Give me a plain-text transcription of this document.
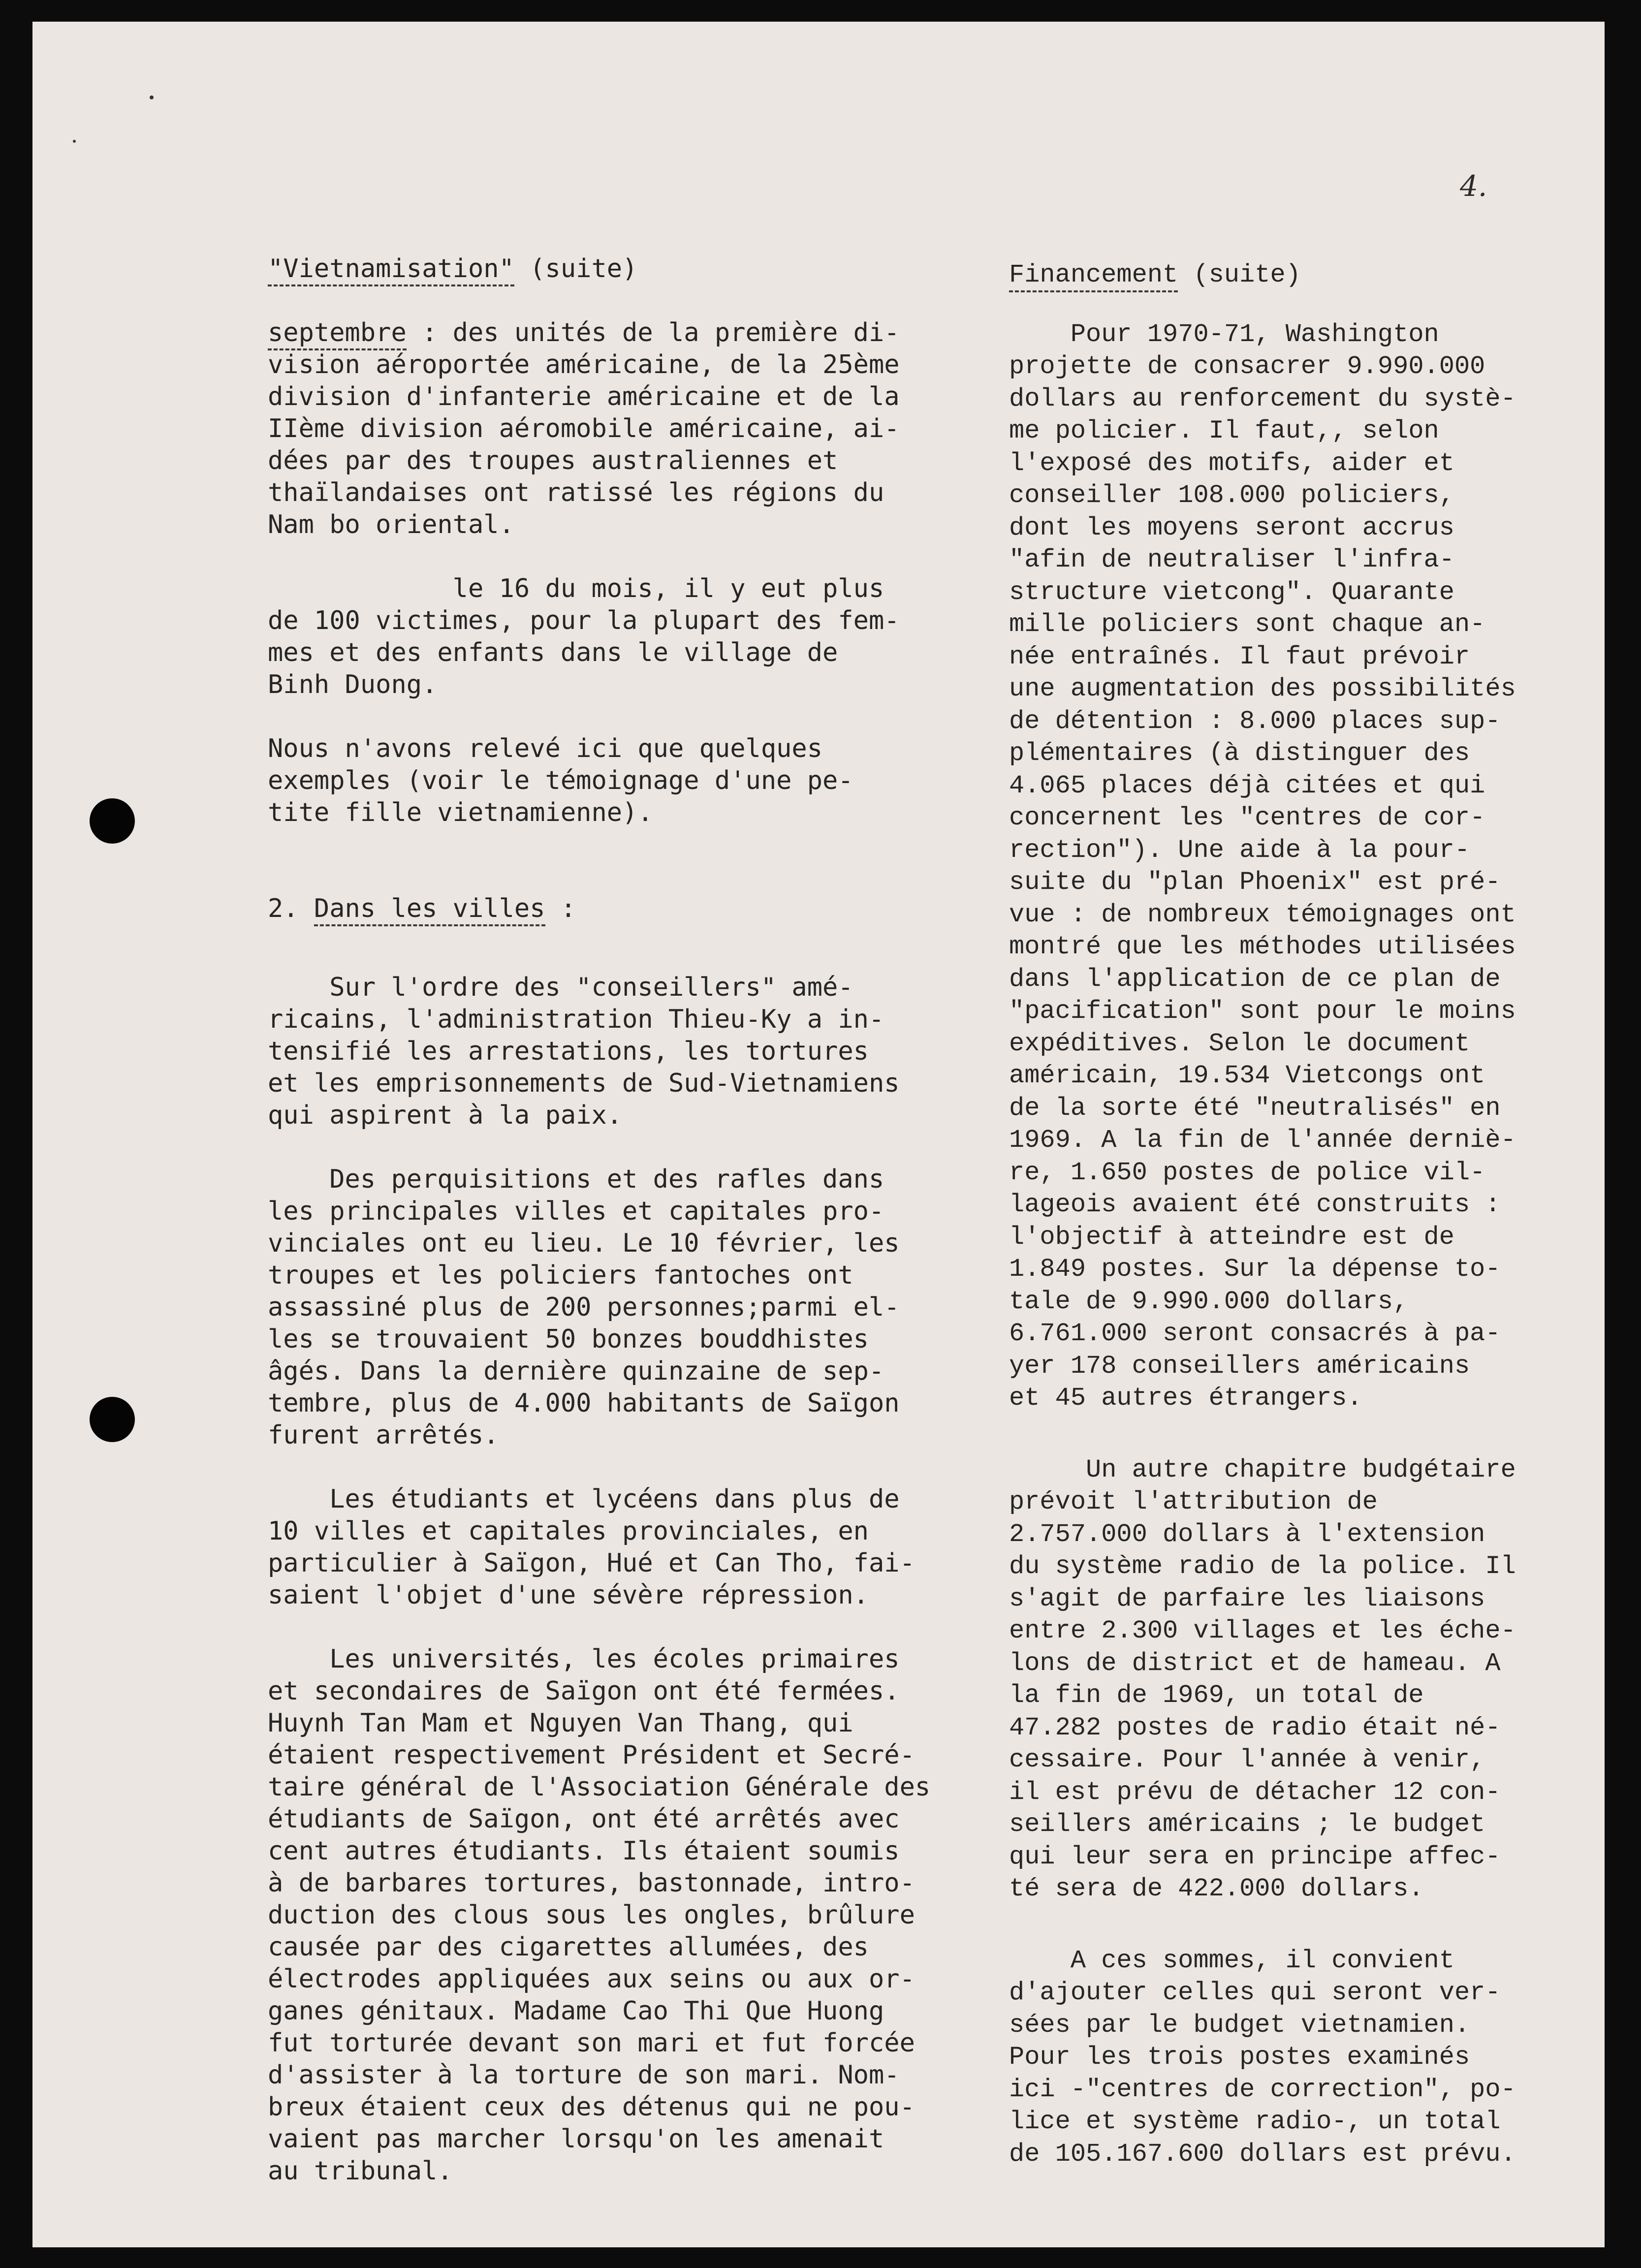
4.

"Vietnamisation" (suite)

septembre : des unités de la première di-
vision aéroportée américaine, de la 25ème
division d'infanterie américaine et de la
IIème division aéromobile américaine, ai-
dées par des troupes australiennes et
thaïlandaises ont ratissé les régions du
Nam bo oriental.

le 16 du mois, il y eut plus
de 100 victimes, pour la plupart des fem-
mes et des enfants dans le village de
Binh Duong.

Nous n'avons relevé ici que quelques
exemples (voir le témoignage d'une pe-
tite fille vietnamienne).

2. Dans les villes :

Sur l'ordre des "conseillers" amé-
ricains, l'administration Thieu-Ky a in-
tensifié les arrestations, les tortures
et les emprisonnements de Sud-Vietnamiens
qui aspirent à la paix.

Des perquisitions et des rafles dans
les principales villes et capitales pro-
vinciales ont eu lieu. Le 10 février, les
troupes et les policiers fantoches ont
assassiné plus de 200 personnes;parmi el-
les se trouvaient 50 bonzes bouddhistes
âgés. Dans la dernière quinzaine de sep-
tembre, plus de 4.000 habitants de Saïgon
furent arrêtés.

Les étudiants et lycéens dans plus de
10 villes et capitales provinciales, en
particulier à Saïgon, Hué et Can Tho, fai-
saient l'objet d'une sévère répression.

Les universités, les écoles primaires
et secondaires de Saïgon ont été fermées.
Huynh Tan Mam et Nguyen Van Thang, qui
étaient respectivement Président et Secré-
taire général de l'Association Générale des
étudiants de Saïgon, ont été arrêtés avec
cent autres étudiants. Ils étaient soumis
à de barbares tortures, bastonnade, intro-
duction des clous sous les ongles, brûlure
causée par des cigarettes allumées, des
électrodes appliquées aux seins ou aux or-
ganes génitaux. Madame Cao Thi Que Huong
fut torturée devant son mari et fut forcée
d'assister à la torture de son mari. Nom-
breux étaient ceux des détenus qui ne pou-
vaient pas marcher lorsqu'on les amenait
au tribunal.

Financement (suite)

Pour 1970-71, Washington
projette de consacrer 9.990.000
dollars au renforcement du systè-
me policier. Il faut,, selon
l'exposé des motifs, aider et
conseiller 108.000 policiers,
dont les moyens seront accrus
"afin de neutraliser l'infra-
structure vietcong". Quarante
mille policiers sont chaque an-
née entraînés. Il faut prévoir
une augmentation des possibilités
de détention : 8.000 places sup-
plémentaires (à distinguer des
4.065 places déjà citées et qui
concernent les "centres de cor-
rection"). Une aide à la pour-
suite du "plan Phoenix" est pré-
vue : de nombreux témoignages ont
montré que les méthodes utilisées
dans l'application de ce plan de
"pacification" sont pour le moins
expéditives. Selon le document
américain, 19.534 Vietcongs ont
de la sorte été "neutralisés" en
1969. A la fin de l'année derniè-
re, 1.650 postes de police vil-
lageois avaient été construits :
l'objectif à atteindre est de
1.849 postes. Sur la dépense to-
tale de 9.990.000 dollars,
6.761.000 seront consacrés à pa-
yer 178 conseillers américains
et 45 autres étrangers.

Un autre chapitre budgétaire
prévoit l'attribution de
2.757.000 dollars à l'extension
du système radio de la police. Il
s'agit de parfaire les liaisons
entre 2.300 villages et les éche-
lons de district et de hameau. A
la fin de 1969, un total de
47.282 postes de radio était né-
cessaire. Pour l'année à venir,
il est prévu de détacher 12 con-
seillers américains ; le budget
qui leur sera en principe affec-
té sera de 422.000 dollars.

A ces sommes, il convient
d'ajouter celles qui seront ver-
sées par le budget vietnamien.
Pour les trois postes examinés
ici -"centres de correction", po-
lice et système radio-, un total
de 105.167.600 dollars est prévu.
